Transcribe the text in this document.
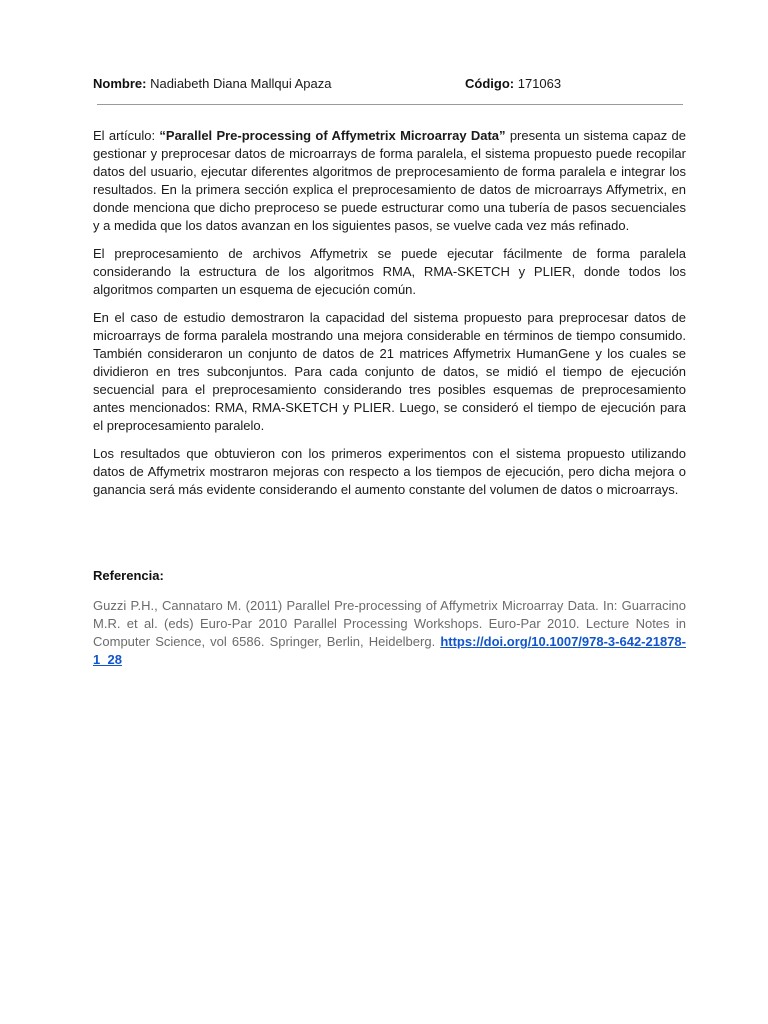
Nombre: Nadiabeth Diana Mallqui Apaza	Código: 171063

El artículo: “Parallel Pre-processing of Affymetrix Microarray Data” presenta un sistema capaz de gestionar y preprocesar datos de microarrays de forma paralela, el sistema propuesto puede recopilar datos del usuario, ejecutar diferentes algoritmos de preprocesamiento de forma paralela e integrar los resultados. En la primera sección explica el preprocesamiento de datos de microarrays Affymetrix, en donde menciona que dicho preproceso se puede estructurar como una tubería de pasos secuenciales y a medida que los datos avanzan en los siguientes pasos, se vuelve cada vez más refinado.

El preprocesamiento de archivos Affymetrix se puede ejecutar fácilmente de forma paralela considerando la estructura de los algoritmos RMA, RMA-SKETCH y PLIER, donde todos los algoritmos comparten un esquema de ejecución común.

En el caso de estudio demostraron la capacidad del sistema propuesto para preprocesar datos de microarrays de forma paralela mostrando una mejora considerable en términos de tiempo consumido. También consideraron un conjunto de datos de 21 matrices Affymetrix HumanGene y los cuales se dividieron en tres subconjuntos. Para cada conjunto de datos, se midió el tiempo de ejecución secuencial para el preprocesamiento considerando tres posibles esquemas de preprocesamiento antes mencionados: RMA, RMA-SKETCH y PLIER. Luego, se consideró el tiempo de ejecución para el preprocesamiento paralelo.

Los resultados que obtuvieron con los primeros experimentos con el sistema propuesto utilizando datos de Affymetrix mostraron mejoras con respecto a los tiempos de ejecución, pero dicha mejora o ganancia será más evidente considerando el aumento constante del volumen de datos o microarrays.

Referencia:
Guzzi P.H., Cannataro M. (2011) Parallel Pre-processing of Affymetrix Microarray Data. In: Guarracino M.R. et al. (eds) Euro-Par 2010 Parallel Processing Workshops. Euro-Par 2010. Lecture Notes in Computer Science, vol 6586. Springer, Berlin, Heidelberg. https://doi.org/10.1007/978-3-642-21878-1_28
